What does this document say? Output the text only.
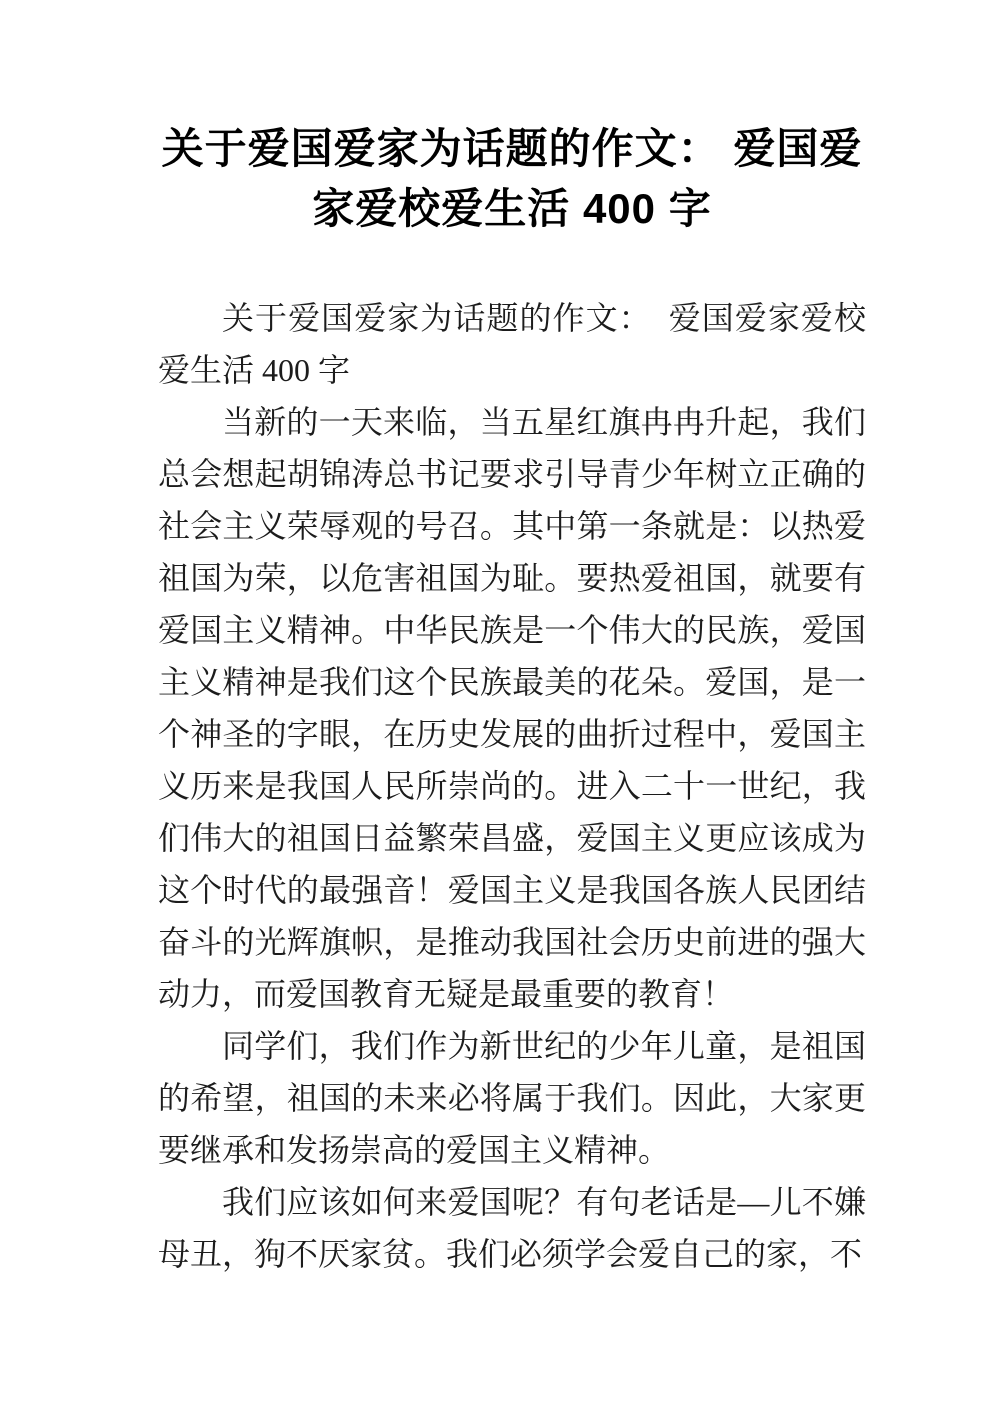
关于爱国爱家为话题的作文： 爱国爱
家爱校爱生活 400 字

关于爱国爱家为话题的作文：　爱国爱家爱校爱生活 400 字

当新的一天来临，当五星红旗冉冉升起，我们总会想起胡锦涛总书记要求引导青少年树立正确的社会主义荣辱观的号召。其中第一条就是：以热爱祖国为荣，以危害祖国为耻。要热爱祖国，就要有爱国主义精神。中华民族是一个伟大的民族，爱国主义精神是我们这个民族最美的花朵。爱国，是一个神圣的字眼，在历史发展的曲折过程中，爱国主义历来是我国人民所崇尚的。进入二十一世纪，我们伟大的祖国日益繁荣昌盛，爱国主义更应该成为这个时代的最强音！爱国主义是我国各族人民团结奋斗的光辉旗帜，是推动我国社会历史前进的强大动力，而爱国教育无疑是最重要的教育！

同学们，我们作为新世纪的少年儿童，是祖国的希望，祖国的未来必将属于我们。因此，大家更要继承和发扬崇高的爱国主义精神。

我们应该如何来爱国呢？有句老话是—儿不嫌母丑，狗不厌家贫。我们必须学会爱自己的家，不
